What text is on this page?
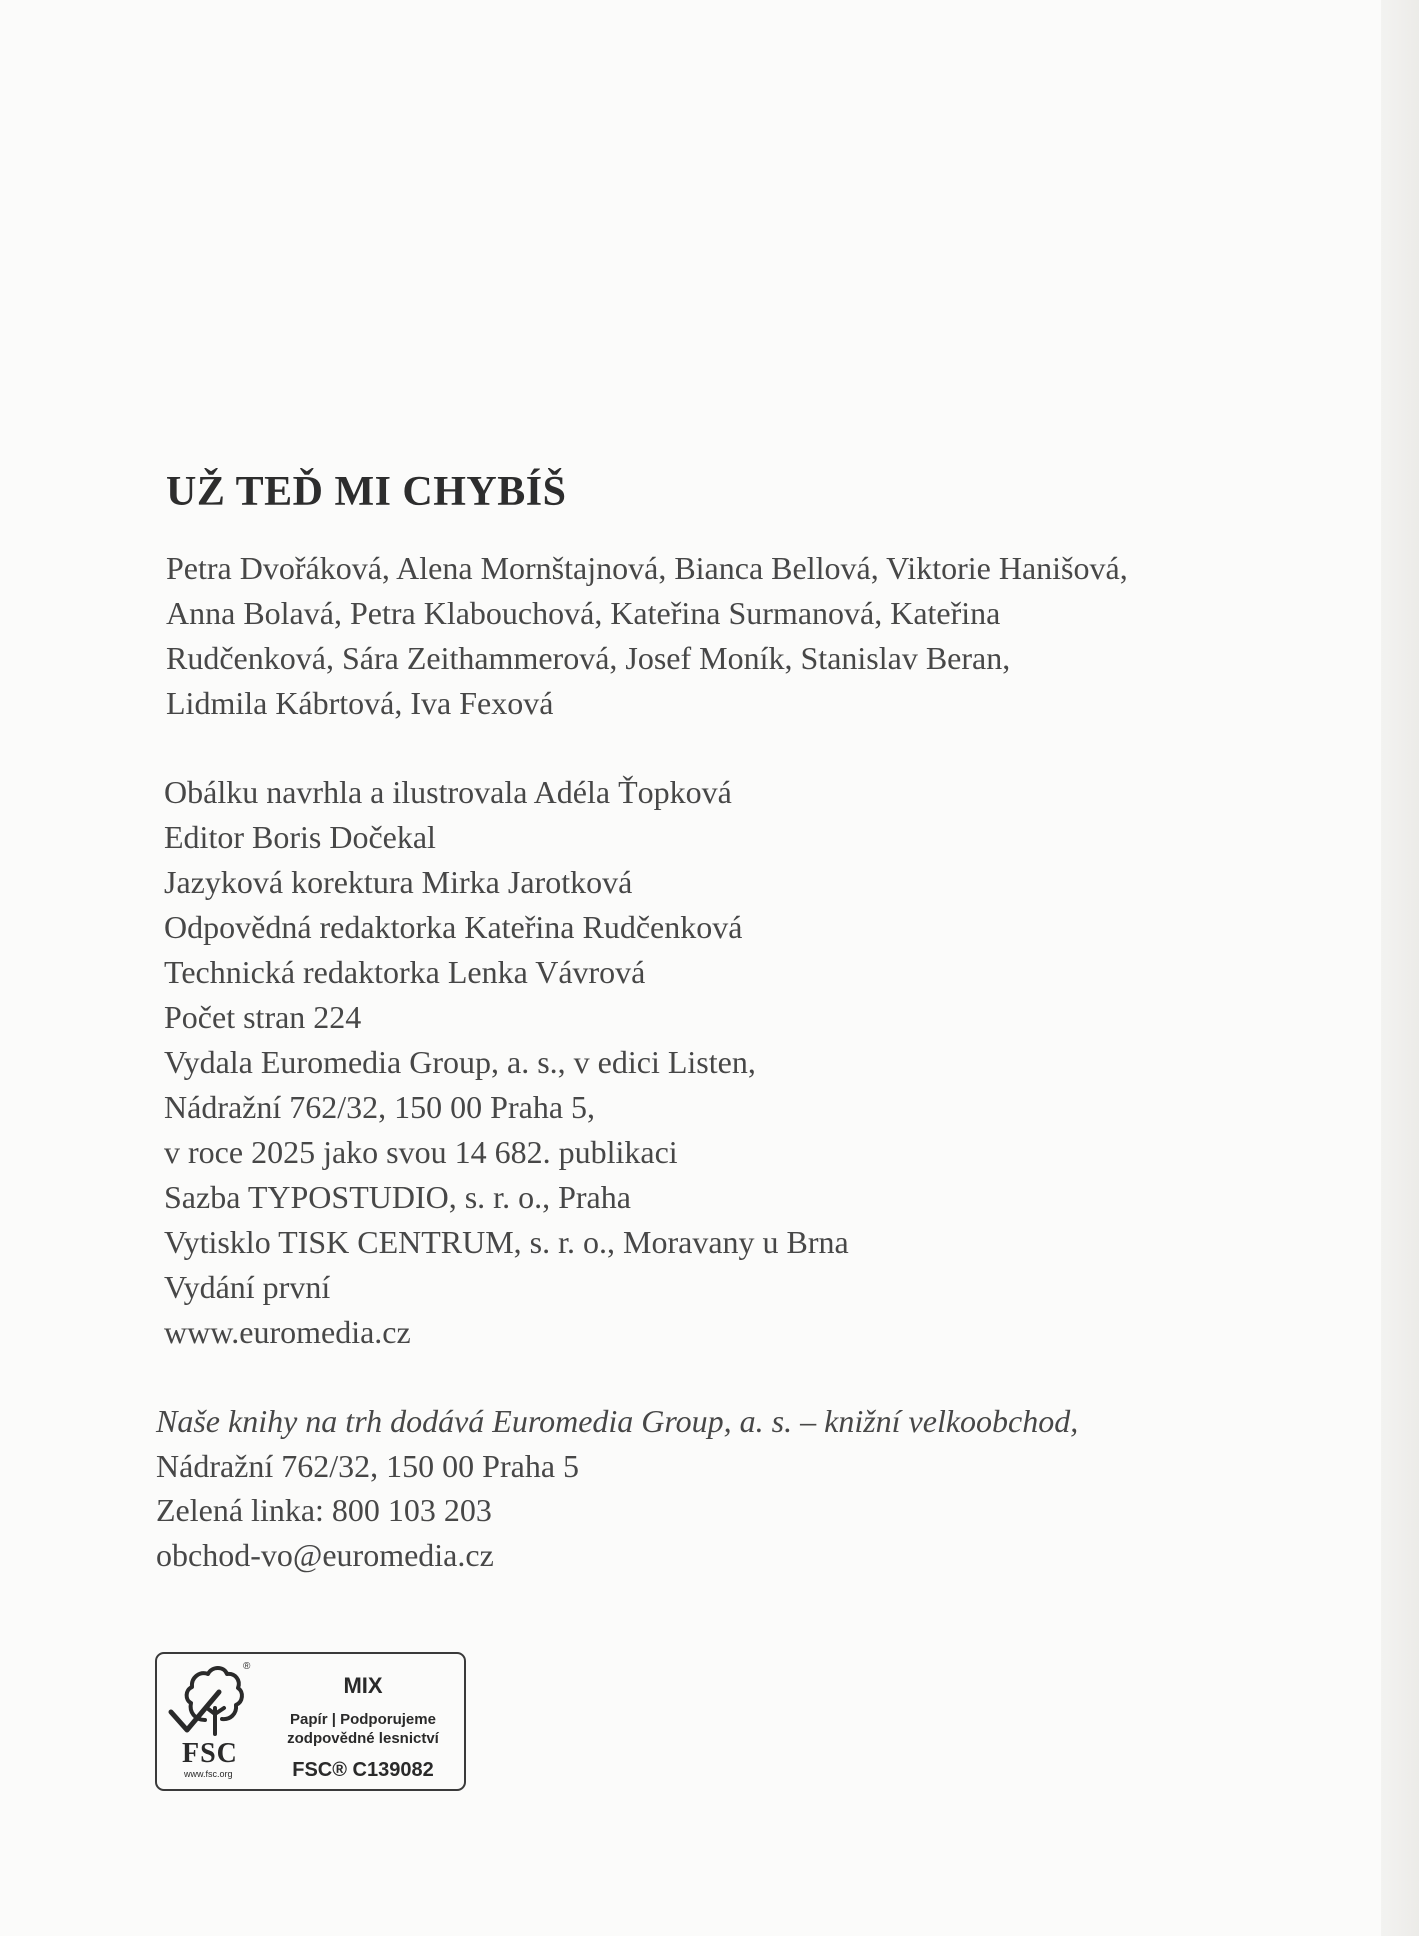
UŽ TEĎ MI CHYBÍŠ
Petra Dvořáková, Alena Mornštajnová, Bianca Bellová, Viktorie Hanišová,
Anna Bolavá, Petra Klabouchová, Kateřina Surmanová, Kateřina
Rudčenková, Sára Zeithammerová, Josef Moník, Stanislav Beran,
Lidmila Kábrtová, Iva Fexová
Obálku navrhla a ilustrovala Adéla Ťopková
Editor Boris Dočekal
Jazyková korektura Mirka Jarotková
Odpovědná redaktorka Kateřina Rudčenková
Technická redaktorka Lenka Vávrová
Počet stran 224
Vydala Euromedia Group, a. s., v edici Listen,
Nádražní 762/32, 150 00 Praha 5,
v roce 2025 jako svou 14 682. publikaci
Sazba TYPOSTUDIO, s. r. o., Praha
Vytisklo TISK CENTRUM, s. r. o., Moravany u Brna
Vydání první
www.euromedia.cz
Naše knihy na trh dodává Euromedia Group, a. s. – knižní velkoobchod,
Nádražní 762/32, 150 00 Praha 5
Zelená linka: 800 103 203
obchod-vo@euromedia.cz
®
FSC
www.fsc.org
MIX
Papír | Podporujeme
zodpovědné lesnictví
FSC® C139082
